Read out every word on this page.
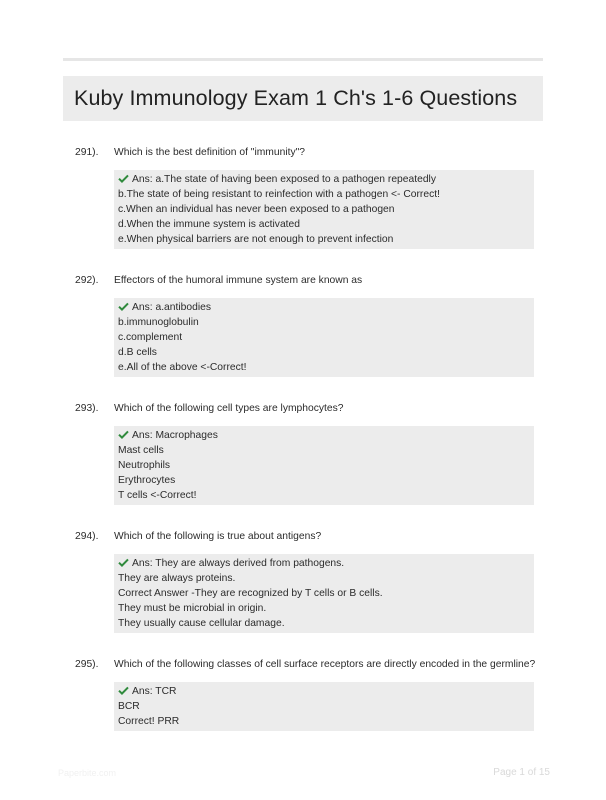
Kuby Immunology Exam 1 Ch's 1-6 Questions
291).	Which is the best definition of "immunity"?
Ans: a.The state of having been exposed to a pathogen repeatedly
b.The state of being resistant to reinfection with a pathogen <- Correct!
c.When an individual has never been exposed to a pathogen
d.When the immune system is activated
e.When physical barriers are not enough to prevent infection
292).	Effectors of the humoral immune system are known as
Ans: a.antibodies
b.immunoglobulin
c.complement
d.B cells
e.All of the above <-Correct!
293).	Which of the following cell types are lymphocytes?
Ans: Macrophages
Mast cells
Neutrophils
Erythrocytes
T cells <-Correct!
294).	Which of the following is true about antigens?
Ans: They are always derived from pathogens.
They are always proteins.
Correct Answer -They are recognized by T cells or B cells.
They must be microbial in origin.
They usually cause cellular damage.
295).	Which of the following classes of cell surface receptors are directly encoded in the germline?
Ans: TCR
BCR
Correct! PRR
Paperbite.com	Page 1 of 15
